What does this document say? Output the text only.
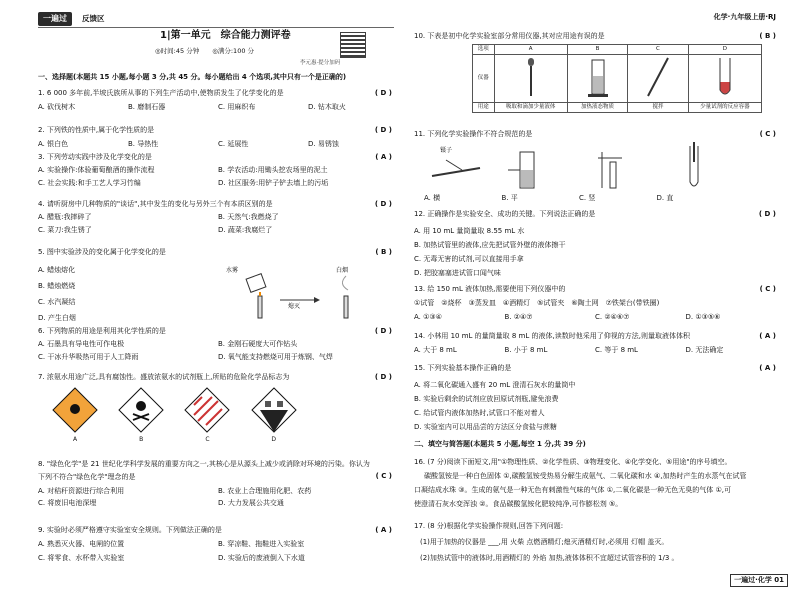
一遍过	反馈区
1|第一单元　综合能力测评卷
◎时间:45 分钟　　◎满分:100 分
李元惠·提分加码
一、选择题(本题共 15 小题,每小题 3 分,共 45 分。每小题给出 4 个选项,其中只有一个是正确的)
1. 6 000 多年前,半坡氏族所从事的下列生产活动中,使物质发生了化学变化的是	( D )
A. 砍伐树木	B. 磨制石器	C. 用麻织布	D. 钻木取火
2. 下列铁的性质中,属于化学性质的是	( D )
A. 银白色	B. 导热性	C. 延展性	D. 易锈蚀
3. 下列劳动实践中涉及化学变化的是	( A )
A. 实验操作:体验葡萄酿酒的操作流程	B. 学农活动:用锄头挖农场里的泥土
C. 社会实践:和手工艺人学习竹编	D. 社区服务:用铲子铲去墙上的污垢
4. 请听厨房中几种物质的"谈话",其中发生的变化与另外三个有本质区别的是	( D )
A. 醋瓶:我摔碎了	B. 天然气:我燃烧了
C. 菜刀:我生锈了	D. 蔬菜:我腐烂了
5. 图中实验涉及的变化属于化学变化的是	( B )
A. 蜡烛熔化
B. 蜡烛燃烧
C. 水汽凝结
D. 产生白烟
水雾
熄灭
白烟
6. 下列物质的用途是利用其化学性质的是	( D )
A. 石墨具有导电性可作电极	B. 金刚石硬度大可作钻头
C. 干冰升华吸热可用于人工降雨	D. 氧气能支持燃烧可用于炼钢、气焊
7. 浓氨水用途广泛,具有腐蚀性。盛放浓氨水的试剂瓶上,所贴的危险化学品标志为	( D )
A
	B
	C
	D
8. "绿色化学"是 21 世纪化学科学发展的重要方向之一,其核心是从源头上减少或消除对环境的污染。你认为
下列不符合"绿色化学"理念的是	( C )
A. 对秸秆资源进行综合利用	B. 农业上合理施用化肥、农药
C. 将废旧电池深埋	D. 大力发展公共交通
9. 实验时必须严格遵守实验室安全规则。下列做法正确的是	( A )
A. 熟悉灭火器、电闸的位置	B. 穿凉鞋、拖鞋进入实验室
C. 将零食、水杯带入实验室	D. 实验后的废液倒入下水道
化学·九年级上册·RJ
10. 下表是初中化学实验室部分常用仪器,其对应用途有误的是	( B )
选项	A	B	C	D
仪器				
用途	吸取和滴加少量液体	加热液态物质	搅拌	少量试剂的反应容器
11. 下列化学实验操作不符合规范的是	( C )
镊子
A. 横	B. 平	C. 竖	D. 直
12. 正确操作是实验安全、成功的关键。下列说法正确的是	( D )
A. 用 10 mL 量筒量取 8.55 mL 水
B. 加热试管里的液体,应先把试管外壁的液体擦干
C. 无毒无害的试剂,可以直接用手拿
D. 把胶塞塞进试管口闻气味
13. 给 150 mL 液体加热,需要使用下列仪器中的	( C )
①试管　②烧杯　③蒸发皿　④酒精灯　⑤试管夹　⑥陶土网　⑦铁架台(带铁圈)
A. ①③④	B. ②④⑦	C. ②④⑥⑦	D. ①③⑤⑥
14. 小林用 10 mL 的量筒量取 8 mL 的液体,读数时他采用了仰视的方法,则量取液体体积	( A )
A. 大于 8 mL	B. 小于 8 mL	C. 等于 8 mL	D. 无法确定
15. 下列实验基本操作正确的是	( A )
A. 将二氧化碳通入盛有 20 mL 澄清石灰水的量筒中
B. 实验后剩余的试剂应放回原试剂瓶,避免浪费
C. 给试管内液体加热时,试管口不能对着人
D. 实验室内可以用品尝的方法区分食盐与蔗糖
二、填空与简答题(本题共 5 小题,每空 1 分,共 39 分)
16. (7 分)阅读下面短文,用"①物理性质、②化学性质、③物理变化、④化学变化、⑤用途"的序号填空。
碳酸氢铵是一种白色固体 ①,碳酸氢铵受热易分解生成氨气、二氧化碳和水 ④,加热时产生的水蒸气在试管
口凝结成水珠 ③。生成的氨气是一种无色有刺激性气味的气体 ①,二氧化碳是一种无色无臭的气体 ①,可
使澄清石灰水变浑浊 ②。食品碳酸氢铵化肥较纯净,可作膨松剂 ⑤。
17. (8 分)根据化学实验操作规则,回答下列问题:
(1)用于加热的仪器是 ___,用 火柴 点燃酒精灯;熄灭酒精灯时,必须用 灯帽 盖灭。
(2)加热试管中的液体时,用酒精灯的 外焰 加热,液体体积不宜超过试管容积的 1/3 。
一遍过·化学 01
